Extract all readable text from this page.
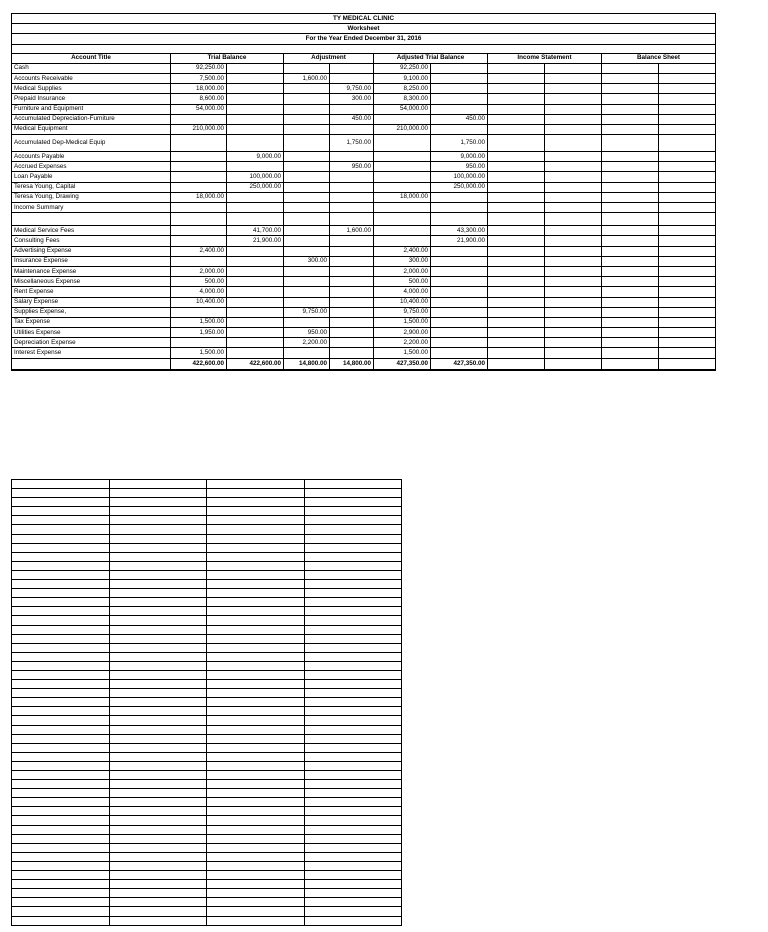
TY MEDICAL CLINIC										
Worksheet										
For the Year Ended December 31, 2016										

Account Title	Trial Balance		Adjustment		Adjusted Trial Balance		Income Statement		Balance Sheet	
Cash	92,250.00				92,250.00					
Accounts Receivable	7,500.00		1,600.00		9,100.00					
Medical Supplies	18,000.00			9,750.00	8,250.00					
Prepaid Insurance	8,600.00			300.00	8,300.00					
Furniture and Equipment	54,000.00				54,000.00					
Accumulated Depreciation-Furniture				450.00		450.00				
Medical Equipment	210,000.00				210,000.00					
Accumulated Dep-Medical Equip				1,750.00		1,750.00				
Accounts Payable		9,000.00				9,000.00				
Accrued Expenses				950.00		950.00				
Loan Payable		100,000.00				100,000.00				
Teresa Young, Capital		250,000.00				250,000.00				
Teresa Young, Drawing	18,000.00				18,000.00					
Income Summary										

Medical Service Fees		41,700.00		1,600.00		43,300.00				
Consulting Fees		21,900.00				21,900.00				
Advertising Expense	2,400.00				2,400.00					
Insurance Expense			300.00		300.00					
Maintenance Expense	2,000.00				2,000.00					
Miscellaneous Expense	500.00				500.00					
Rent Expense	4,000.00				4,000.00					
Salary Expense	10,400.00				10,400.00					
Supplies Expense,			9,750.00		9,750.00					
Tax Expense	1,500.00				1,500.00					
Utilities Expense	1,950.00		950.00		2,900.00					
Depreciation Expense			2,200.00		2,200.00					
Interest Expense	1,500.00				1,500.00					
	422,600.00	422,600.00	14,800.00	14,800.00	427,350.00	427,350.00				
